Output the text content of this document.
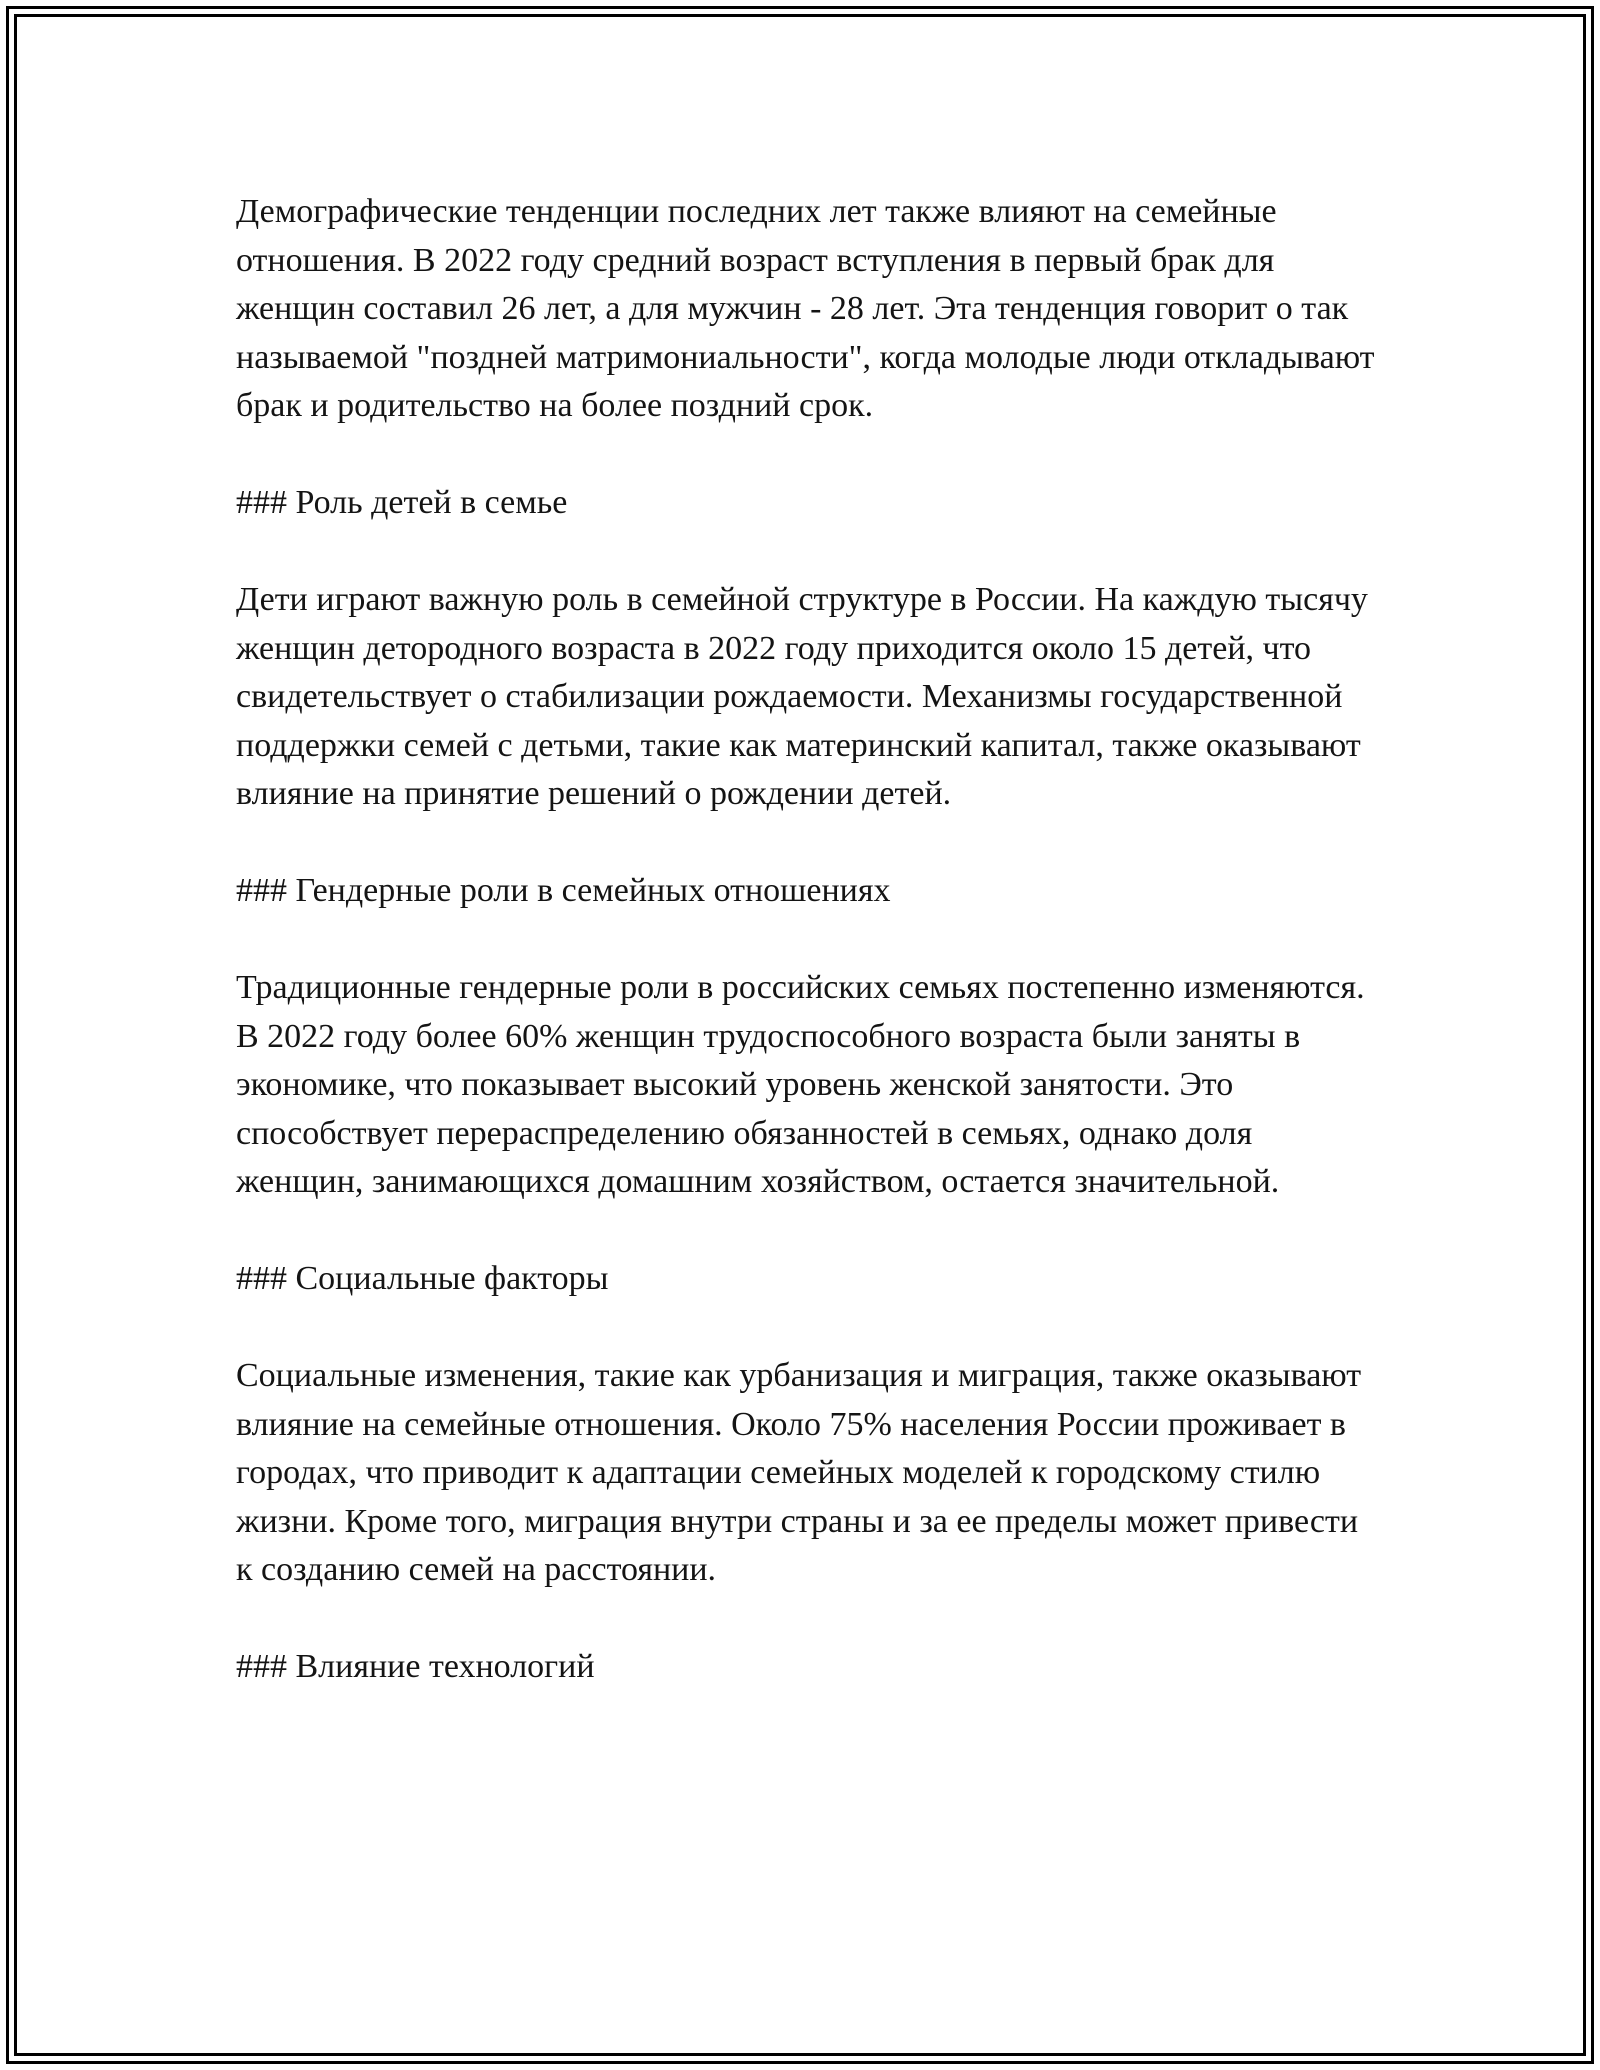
Демографические тенденции последних лет также влияют на семейные отношения. В 2022 году средний возраст вступления в первый брак для женщин составил 26 лет, а для мужчин - 28 лет. Эта тенденция говорит о так называемой "поздней матримониальности", когда молодые люди откладывают брак и родительство на более поздний срок.

### Роль детей в семье

Дети играют важную роль в семейной структуре в России. На каждую тысячу женщин детородного возраста в 2022 году приходится около 15 детей, что свидетельствует о стабилизации рождаемости. Механизмы государственной поддержки семей с детьми, такие как материнский капитал, также оказывают влияние на принятие решений о рождении детей.

### Гендерные роли в семейных отношениях

Традиционные гендерные роли в российских семьях постепенно изменяются. В 2022 году более 60% женщин трудоспособного возраста были заняты в экономике, что показывает высокий уровень женской занятости. Это способствует перераспределению обязанностей в семьях, однако доля женщин, занимающихся домашним хозяйством, остается значительной.

### Социальные факторы

Социальные изменения, такие как урбанизация и миграция, также оказывают влияние на семейные отношения. Около 75% населения России проживает в городах, что приводит к адаптации семейных моделей к городскому стилю жизни. Кроме того, миграция внутри страны и за ее пределы может привести к созданию семей на расстоянии.

### Влияние технологий
